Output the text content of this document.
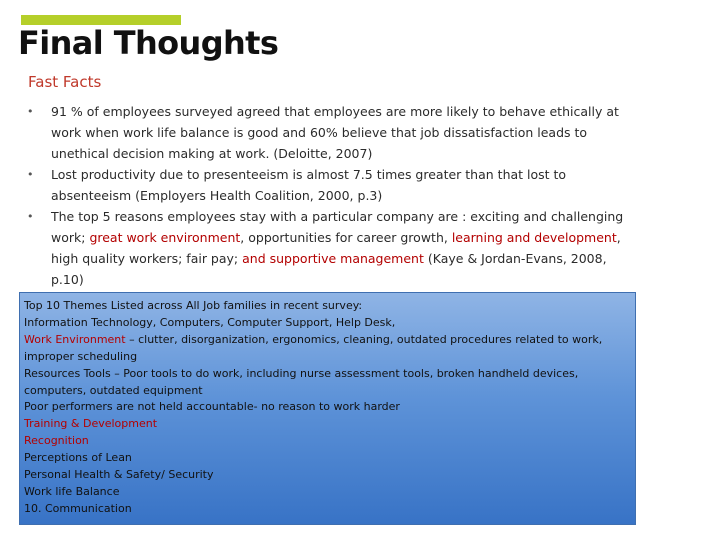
Final Thoughts
Fast Facts
• 91 % of employees surveyed agreed that employees are more likely to behave ethically at work when work life balance is good and 60% believe that job dissatisfaction leads to unethical decision making at work. (Deloitte, 2007)
• Lost productivity due to presenteeism is almost 7.5 times greater than that lost to absenteeism (Employers Health Coalition, 2000, p.3)
• The top 5 reasons employees stay with a particular company are : exciting and challenging work; great work environment, opportunities for career growth, learning and development, high quality workers; fair pay; and supportive management (Kaye & Jordan-Evans, 2008, p.10)
Top 10 Themes Listed across All Job families in recent survey:
Information Technology, Computers, Computer Support, Help Desk,
Work Environment – clutter, disorganization, ergonomics, cleaning, outdated procedures related to work, improper scheduling
Resources Tools – Poor tools to do work, including nurse assessment tools, broken handheld devices, computers, outdated equipment
Poor performers are not held accountable- no reason to work harder
Training & Development
Recognition
Perceptions of Lean
Personal Health & Safety/ Security
Work life Balance
10. Communication
